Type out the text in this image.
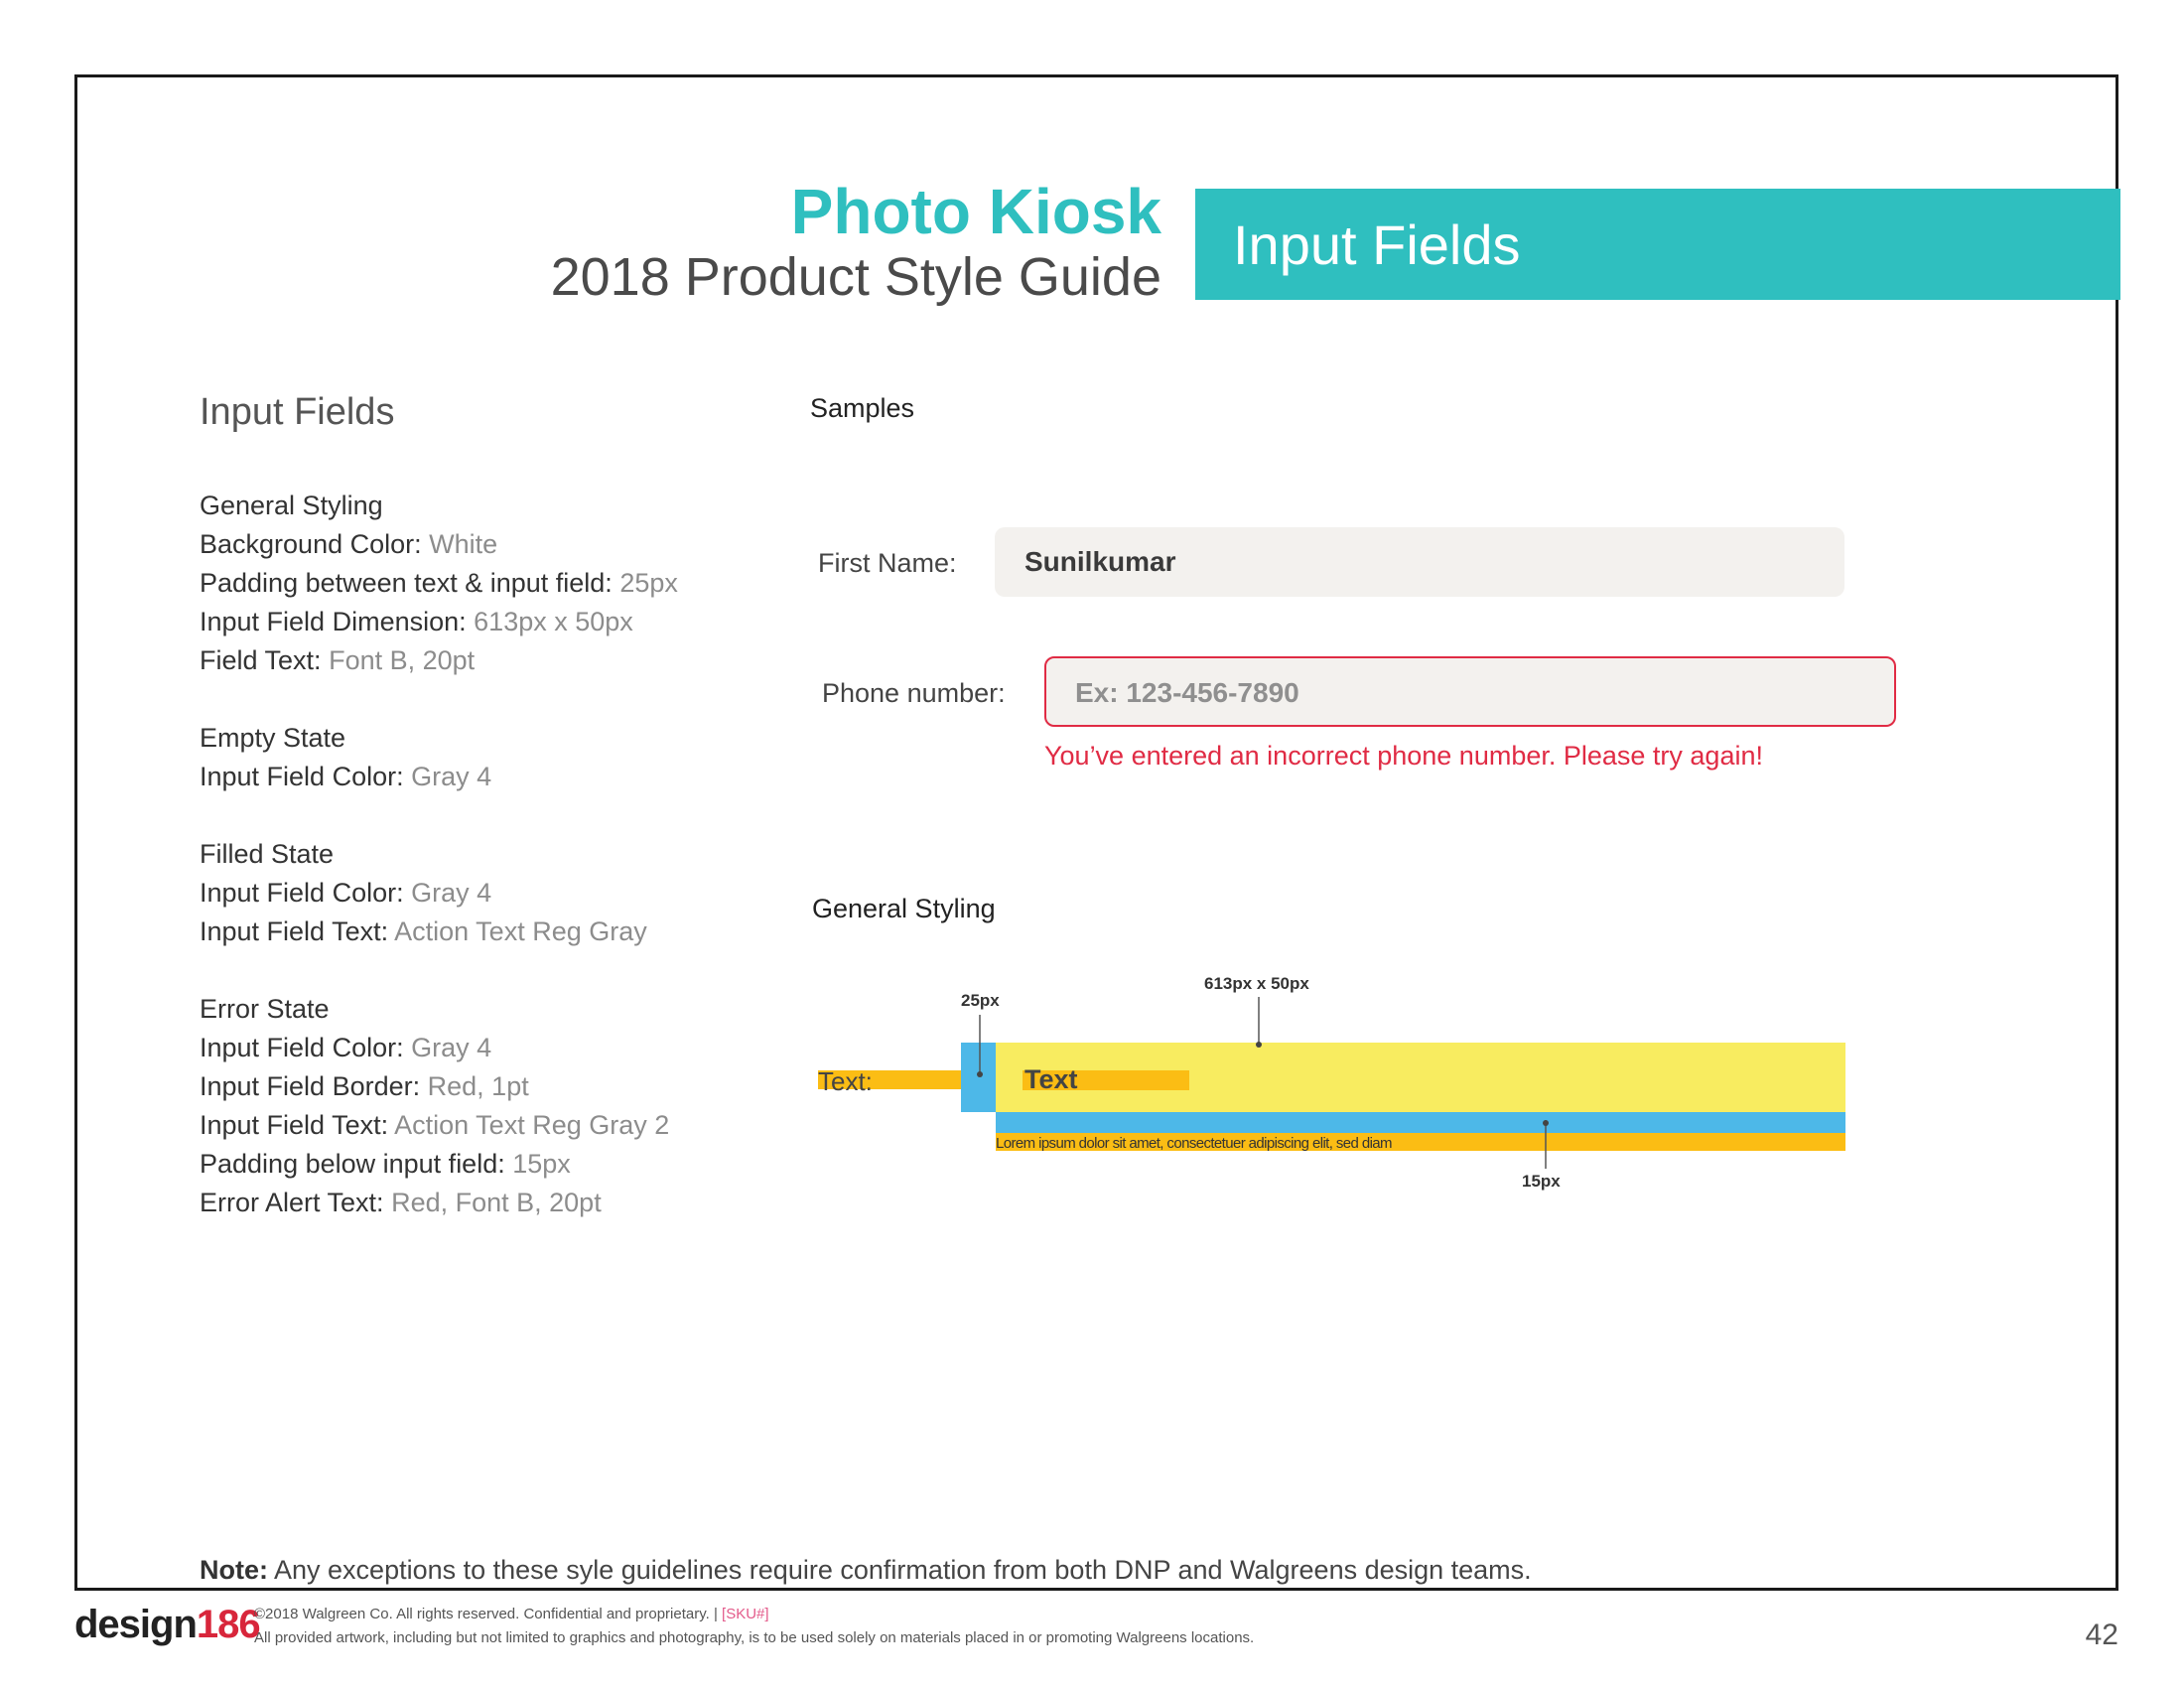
Photo Kiosk
2018 Product Style Guide
Input Fields
Input Fields
General Styling
Background Color: White
Padding between text & input field: 25px
Input Field Dimension: 613px x 50px
Field Text: Font B, 20pt
Empty State
Input Field Color: Gray 4
Filled State
Input Field Color: Gray 4
Input Field Text: Action Text Reg Gray
Error State
Input Field Color: Gray 4
Input Field Border: Red, 1pt
Input Field Text: Action Text Reg Gray 2
Padding below input field: 15px
Error Alert Text: Red, Font B, 20pt
Samples
First Name: Sunilkumar
Phone number:	Ex: 123-456-7890
You’ve entered an incorrect phone number. Please try again!
General Styling
25px
613px x 50px
15px
Text:	Text
Lorem ipsum dolor sit amet, consectetuer adipiscing elit, sed diam
Note: Any exceptions to these syle guidelines require confirmation from both DNP and Walgreens design teams.
design186
©2018 Walgreen Co. All rights reserved. Confidential and proprietary. | [SKU#]
All provided artwork, including but not limited to graphics and photography, is to be used solely on materials placed in or promoting Walgreens locations.	42
